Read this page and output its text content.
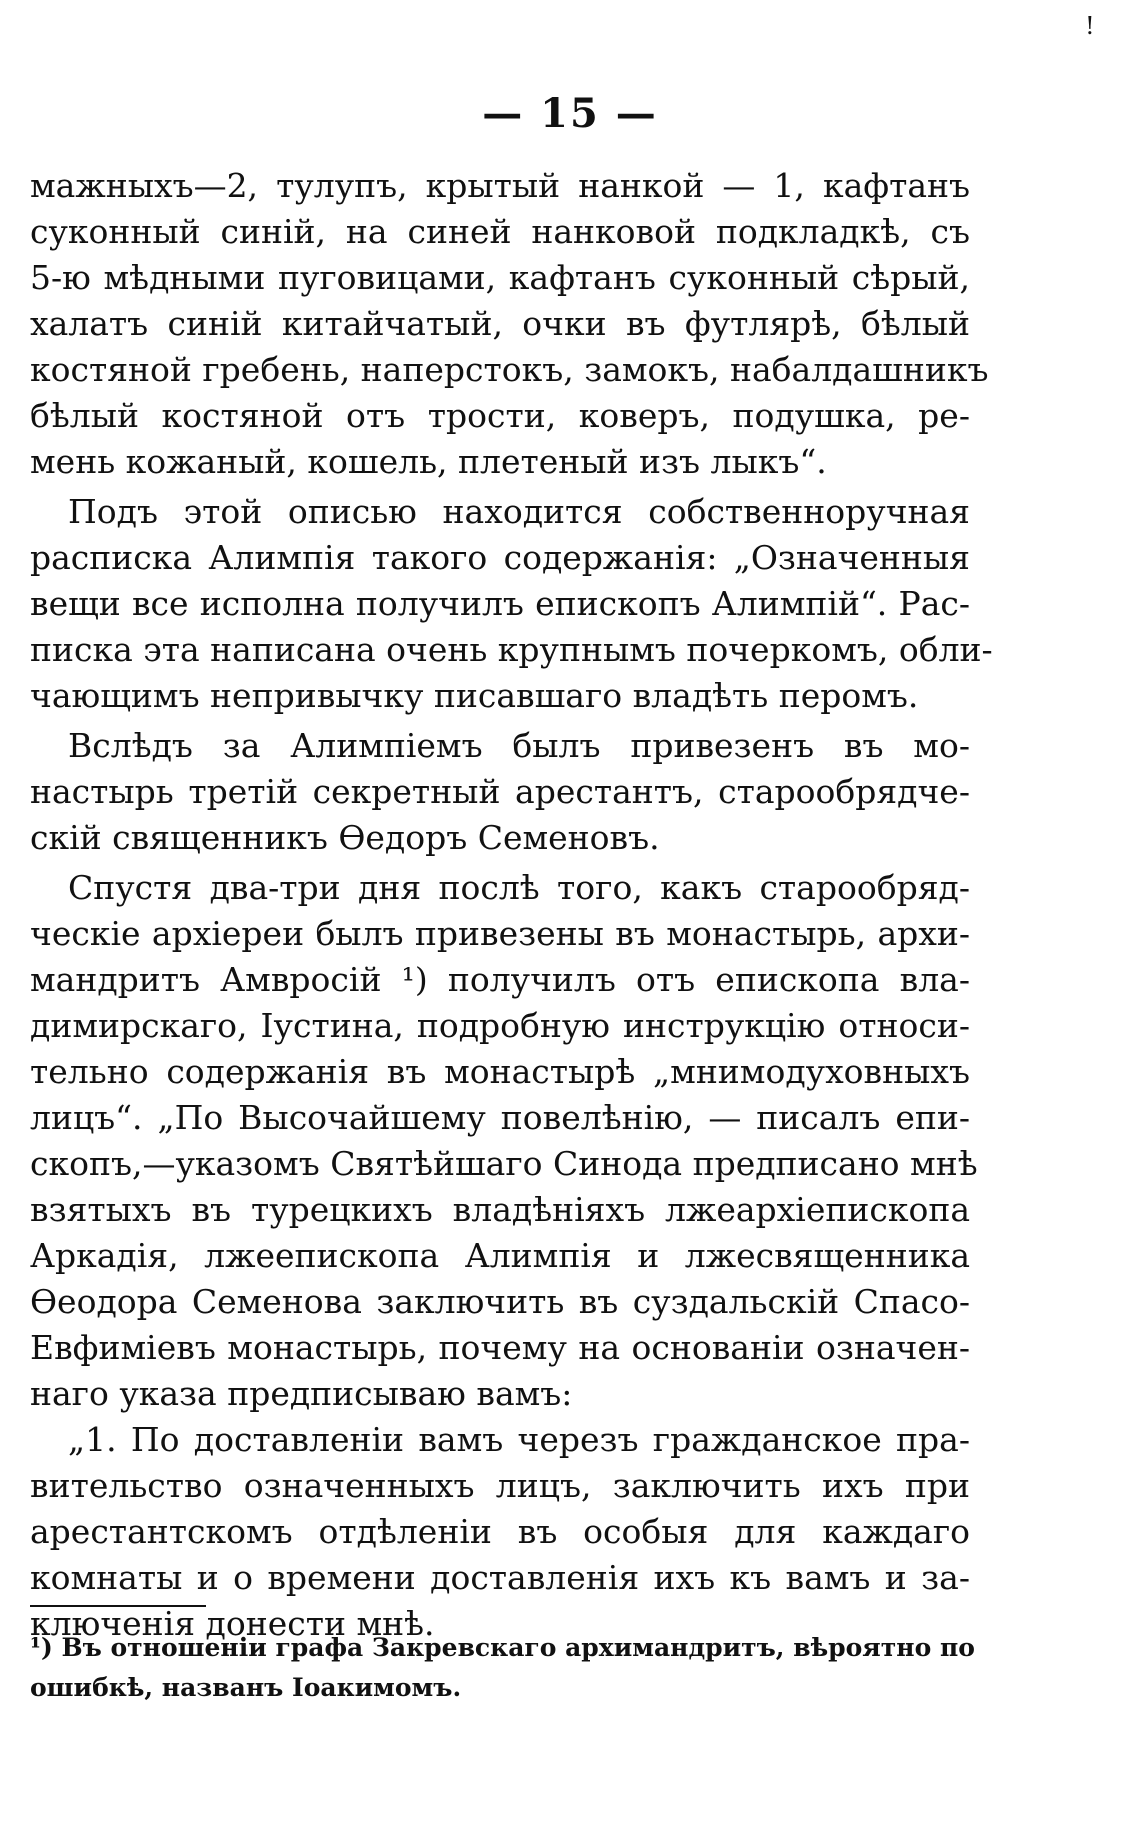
!
— 15 —
мажныхъ—2, тулупъ, крытый нанкой — 1, кафтанъ
суконный синій, на синей нанковой подкладкѣ, съ
5-ю мѣдными пуговицами, кафтанъ суконный сѣрый,
халатъ синій китайчатый, очки въ футлярѣ, бѣлый
костяной гребень, наперстокъ, замокъ, набалдашникъ
бѣлый костяной отъ трости, коверъ, подушка, ре-
мень кожаный, кошель, плетеный изъ лыкъ“.
Подъ этой описью находится собственноручная
расписка Алимпія такого содержанія: „Означенныя
вещи все исполна получилъ епископъ Алимпій“. Рас-
писка эта написана очень крупнымъ почеркомъ, обли-
чающимъ непривычку писавшаго владѣть перомъ.
Вслѣдъ за Алимпіемъ былъ привезенъ въ мо-
настырь третій секретный арестантъ, старообрядче-
скій священникъ Өедоръ Семеновъ.
Спустя два-три дня послѣ того, какъ старообряд-
ческіе архіереи былъ привезены въ монастырь, архи-
мандритъ Амвросій ¹) получилъ отъ епископа вла-
димирскаго, Іустина, подробную инструкцію относи-
тельно содержанія въ монастырѣ „мнимодуховныхъ
лицъ“. „По Высочайшему повелѣнію, — писалъ епи-
скопъ,—указомъ Святѣйшаго Синода предписано мнѣ
взятыхъ въ турецкихъ владѣніяхъ лжеархіепископа
Аркадія, лжеепископа Алимпія и лжесвященника
Өеодора Семенова заключить въ суздальскій Спасо-
Евфиміевъ монастырь, почему на основаніи означен-
наго указа предписываю вамъ:
„1. По доставленіи вамъ черезъ гражданское пра-
вительство означенныхъ лицъ, заключить ихъ при
арестантскомъ отдѣленіи въ особыя для каждаго
комнаты и о времени доставленія ихъ къ вамъ и за-
ключенія донести мнѣ.
¹) Въ отношеніи графа Закревскаго архимандритъ, вѣроятно по
ошибкѣ, названъ Іоакимомъ.
